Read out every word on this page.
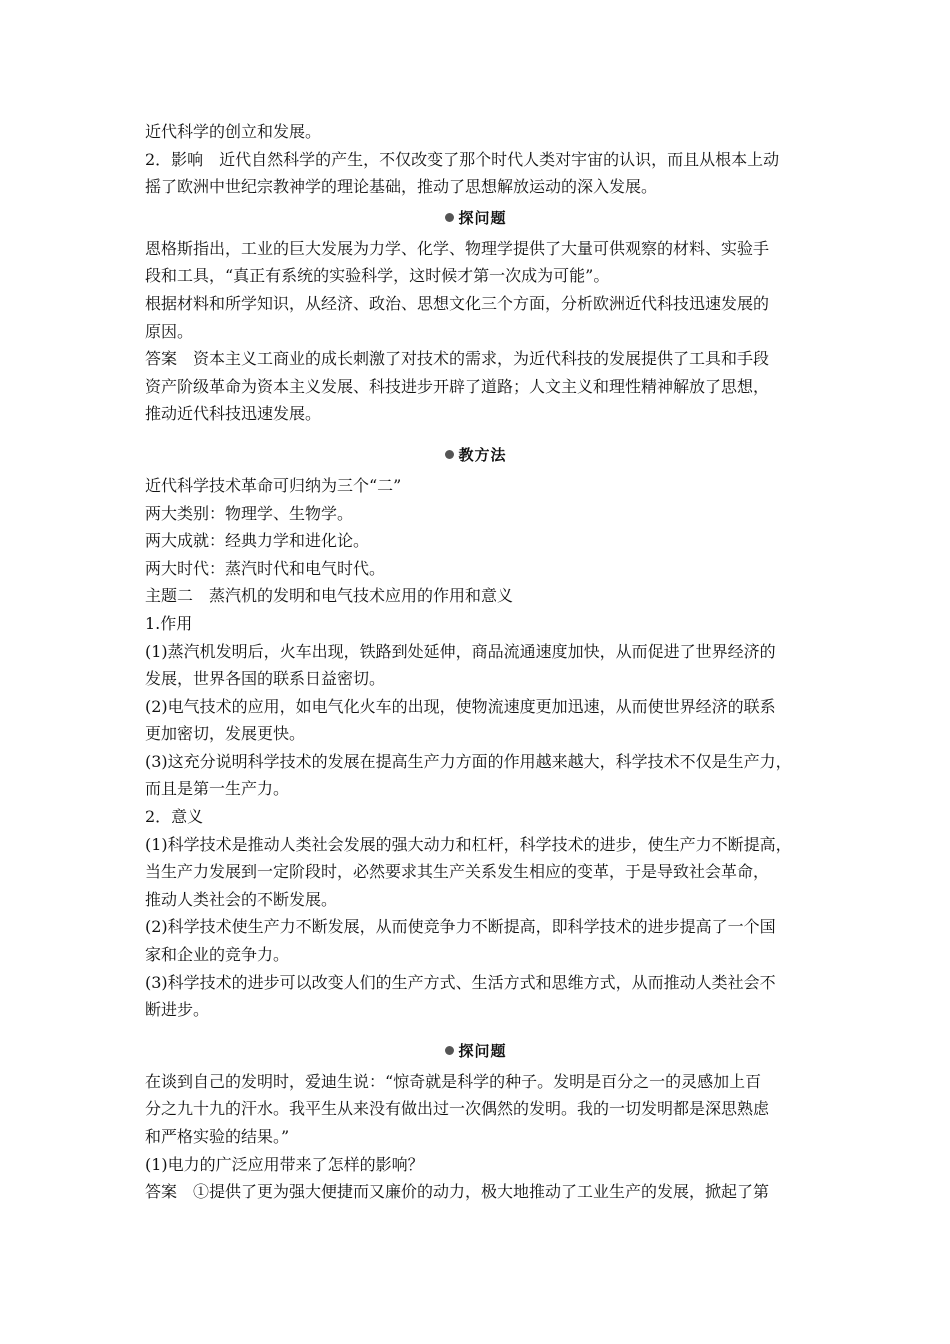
近代科学的创立和发展。
2．影响　近代自然科学的产生，不仅改变了那个时代人类对宇宙的认识，而且从根本上动
摇了欧洲中世纪宗教神学的理论基础，推动了思想解放运动的深入发展。
探问题
恩格斯指出，工业的巨大发展为力学、化学、物理学提供了大量可供观察的材料、实验手
段和工具，“真正有系统的实验科学，这时候才第一次成为可能”。
根据材料和所学知识，从经济、政治、思想文化三个方面，分析欧洲近代科技迅速发展的
原因。
答案　资本主义工商业的成长刺激了对技术的需求，为近代科技的发展提供了工具和手段
资产阶级革命为资本主义发展、科技进步开辟了道路；人文主义和理性精神解放了思想，
推动近代科技迅速发展。
教方法
近代科学技术革命可归纳为三个“二”
两大类别：物理学、生物学。
两大成就：经典力学和进化论。
两大时代：蒸汽时代和电气时代。
主题二　蒸汽机的发明和电气技术应用的作用和意义
1.作用
(1)蒸汽机发明后，火车出现，铁路到处延伸，商品流通速度加快，从而促进了世界经济的
发展，世界各国的联系日益密切。
(2)电气技术的应用，如电气化火车的出现，使物流速度更加迅速，从而使世界经济的联系
更加密切，发展更快。
(3)这充分说明科学技术的发展在提高生产力方面的作用越来越大，科学技术不仅是生产力，
而且是第一生产力。
2．意义
(1)科学技术是推动人类社会发展的强大动力和杠杆，科学技术的进步，使生产力不断提高，
当生产力发展到一定阶段时，必然要求其生产关系发生相应的变革，于是导致社会革命，
推动人类社会的不断发展。
(2)科学技术使生产力不断发展，从而使竞争力不断提高，即科学技术的进步提高了一个国
家和企业的竞争力。
(3)科学技术的进步可以改变人们的生产方式、生活方式和思维方式，从而推动人类社会不
断进步。
探问题
在谈到自己的发明时，爱迪生说：“惊奇就是科学的种子。发明是百分之一的灵感加上百
分之九十九的汗水。我平生从来没有做出过一次偶然的发明。我的一切发明都是深思熟虑
和严格实验的结果。”
(1)电力的广泛应用带来了怎样的影响？
答案　①提供了更为强大便捷而又廉价的动力，极大地推动了工业生产的发展，掀起了第
